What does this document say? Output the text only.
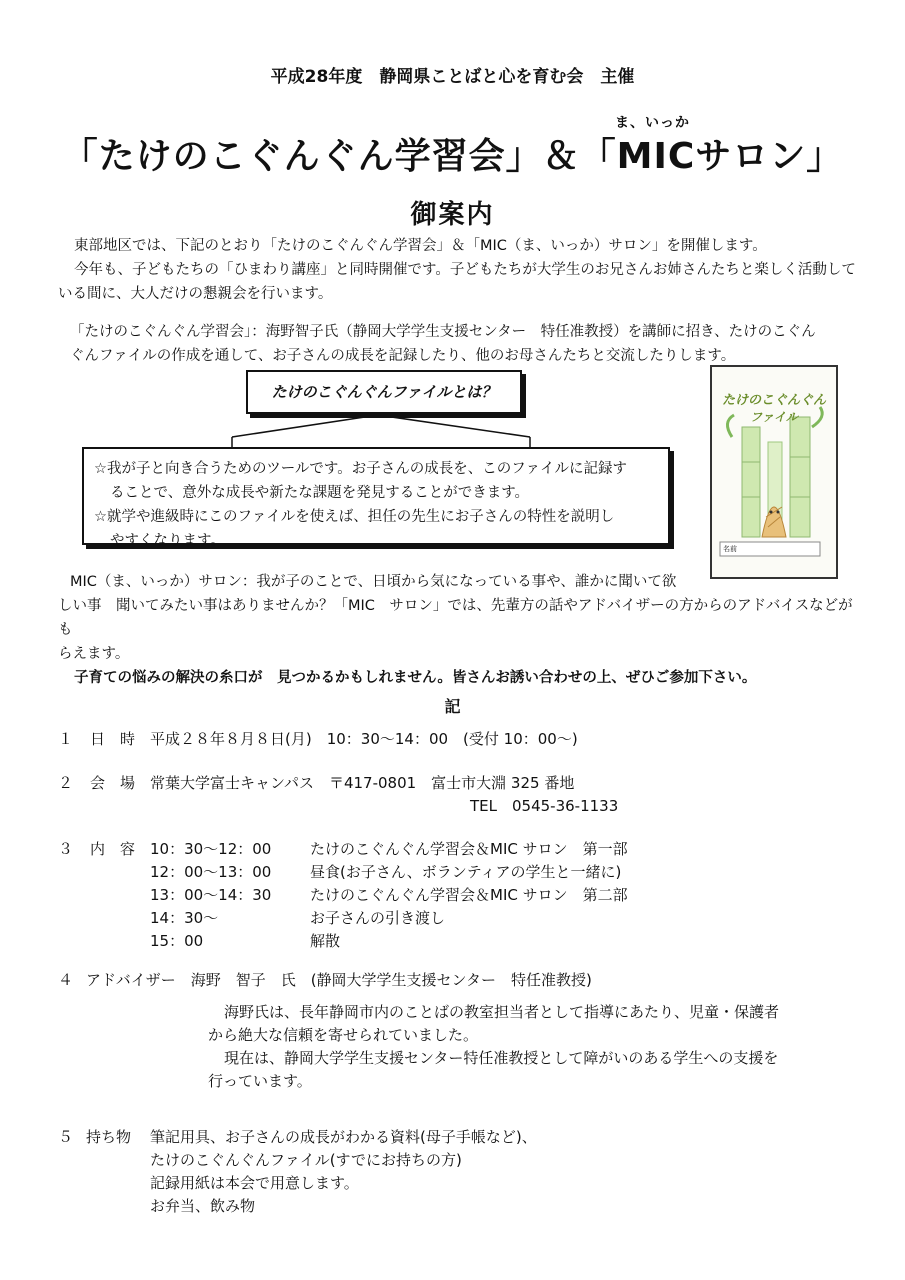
平成28年度　静岡県ことばと心を育む会　主催
ま、いっか
「たけのこぐんぐん学習会」＆「MICサロン」
御案内
東部地区では、下記のとおり「たけのこぐんぐん学習会」＆「MIC（ま、いっか）サロン」を開催します。
今年も、子どもたちの「ひまわり講座」と同時開催です。子どもたちが大学生のお兄さんお姉さんたちと楽しく活動して
いる間に、大人だけの懇親会を行います。
「たけのこぐんぐん学習会」：海野智子氏（静岡大学学生支援センター　特任准教授）を講師に招き、たけのこぐん
ぐんファイルの作成を通して、お子さんの成長を記録したり、他のお母さんたちと交流したりします。
たけのこぐんぐんファイルとは？
☆我が子と向き合うためのツールです。お子さんの成長を、このファイルに記録す
ることで、意外な成長や新たな課題を発見することができます。
☆就学や進級時にこのファイルを使えば、担任の先生にお子さんの特性を説明し
やすくなります。
たけのこぐんぐん
ファイル
名前
MIC（ま、いっか）サロン：我が子のことで、日頃から気になっている事や、誰かに聞いて欲
しい事　聞いてみたい事はありませんか？「MIC　サロン」では、先輩方の話やアドバイザーの方からのアドバイスなどがも
らえます。
子育ての悩みの解決の糸口が　見つかるかもしれません。皆さんお誘い合わせの上、ぜひご参加下さい。
記
１ 日　時 平成２８年８月８日(月)　10：30～14：00　(受付 10：00～)
２ 会　場 常葉大学富士キャンパス　〒417-0801　富士市大淵 325 番地
TEL　0545-36-1133
３ 内　容 10：30～12：00	たけのこぐんぐん学習会＆MIC サロン　第一部
12：00～13：00	昼食(お子さん、ボランティアの学生と一緒に)
13：00～14：30	たけのこぐんぐん学習会＆MIC サロン　第二部
14：30～	お子さんの引き渡し
15：00	解散
４ アドバイザー　海野　智子　氏　(静岡大学学生支援センター　特任准教授)
海野氏は、長年静岡市内のことばの教室担当者として指導にあたり、児童・保護者
から絶大な信頼を寄せられていました。
現在は、静岡大学学生支援センター特任准教授として障がいのある学生への支援を
行っています。
５ 持ち物	筆記用具、お子さんの成長がわかる資料(母子手帳など)、
たけのこぐんぐんファイル(すでにお持ちの方)
記録用紙は本会で用意します。
お弁当、飲み物
